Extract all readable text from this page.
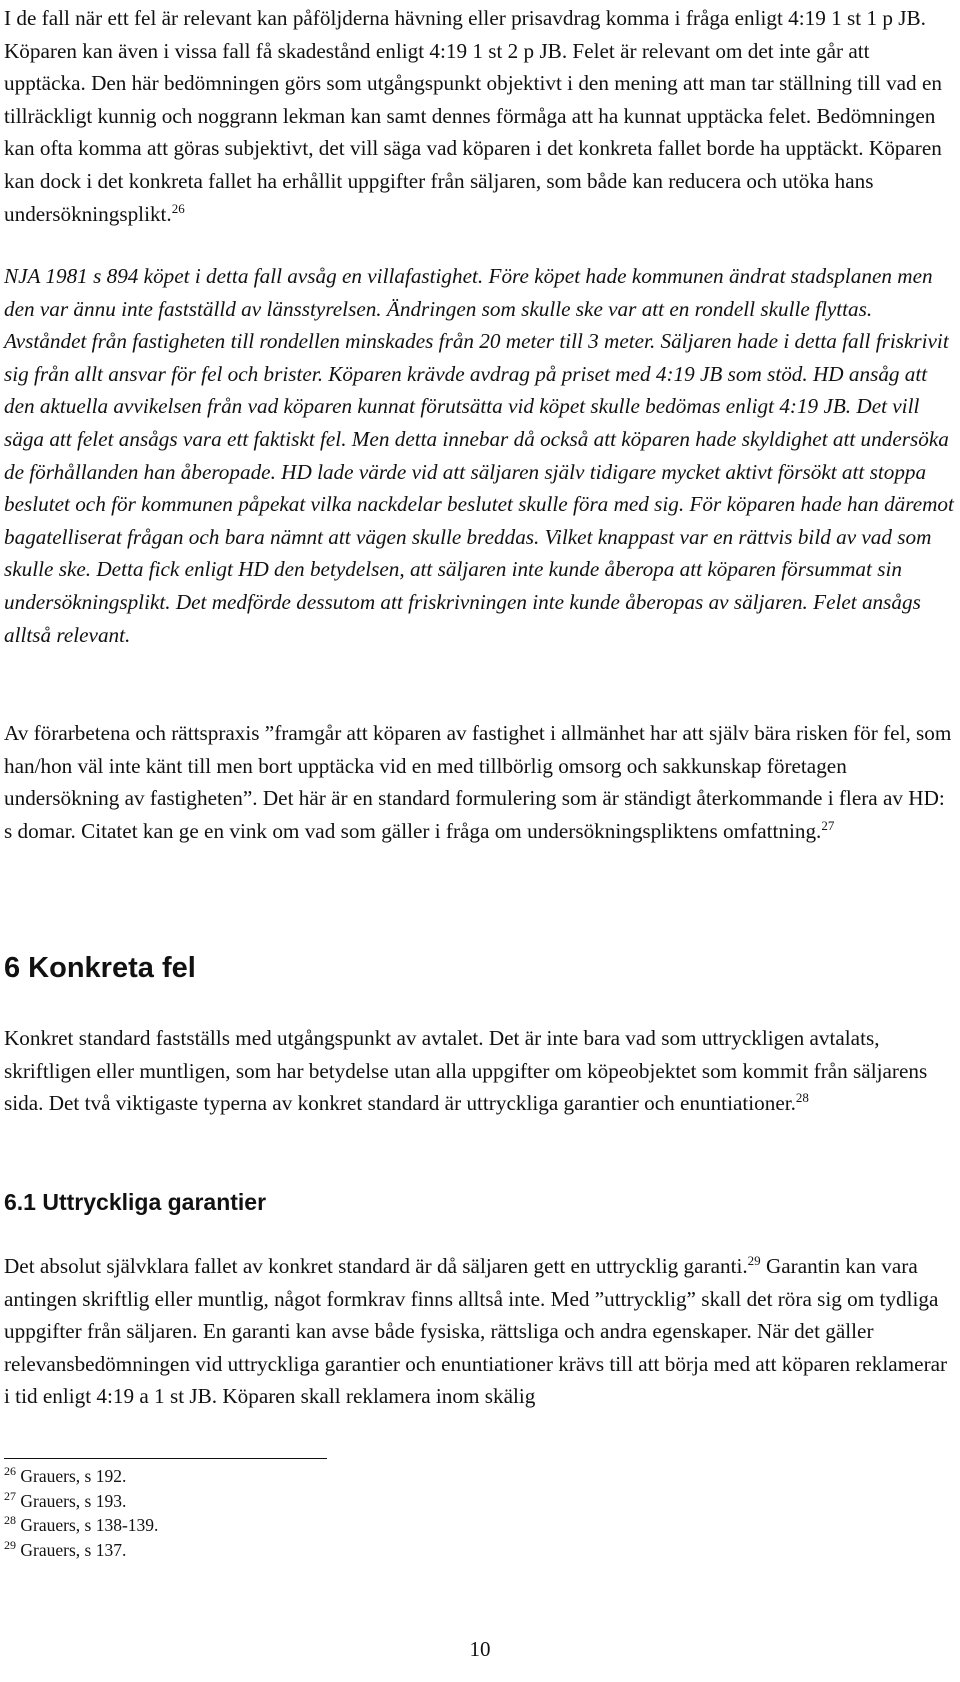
I de fall när ett fel är relevant kan påföljderna hävning eller prisavdrag komma i fråga enligt 4:19 1 st 1 p JB. Köparen kan även i vissa fall få skadestånd enligt 4:19 1 st 2 p JB. Felet är relevant om det inte går att upptäcka. Den här bedömningen görs som utgångspunkt objektivt i den mening att man tar ställning till vad en tillräckligt kunnig och noggrann lekman kan samt dennes förmåga att ha kunnat upptäcka felet. Bedömningen kan ofta komma att göras subjektivt, det vill säga vad köparen i det konkreta fallet borde ha upptäckt. Köparen kan dock i det konkreta fallet ha erhållit uppgifter från säljaren, som både kan reducera och utöka hans undersökningsplikt.$^{26}$

NJA 1981 s 894 köpet i detta fall avsåg en villafastighet. Före köpet hade kommunen ändrat stadsplanen men den var ännu inte fastställd av länsstyrelsen. Ändringen som skulle ske var att en rondell skulle flyttas. Avståndet från fastigheten till rondellen minskades från 20 meter till 3 meter. Säljaren hade i detta fall friskrivit sig från allt ansvar för fel och brister. Köparen krävde avdrag på priset med 4:19 JB som stöd. HD ansåg att den aktuella avvikelsen från vad köparen kunnat förutsätta vid köpet skulle bedömas enligt 4:19 JB. Det vill säga att felet ansågs vara ett faktiskt fel. Men detta innebar då också att köparen hade skyldighet att undersöka de förhållanden han åberopade. HD lade värde vid att säljaren själv tidigare mycket aktivt försökt att stoppa beslutet och för kommunen påpekat vilka nackdelar beslutet skulle föra med sig. För köparen hade han däremot bagatelliserat frågan och bara nämnt att vägen skulle breddas. Vilket knappast var en rättvis bild av vad som skulle ske. Detta fick enligt HD den betydelsen, att säljaren inte kunde åberopa att köparen försummat sin undersökningsplikt. Det medförde dessutom att friskrivningen inte kunde åberopas av säljaren. Felet ansågs alltså relevant.

Av förarbetena och rättspraxis ”framgår att köparen av fastighet i allmänhet har att själv bära risken för fel, som han/hon väl inte känt till men bort upptäcka vid en med tillbörlig omsorg och sakkunskap företagen undersökning av fastigheten”. Det här är en standard formulering som är ständigt återkommande i flera av HD: s domar. Citatet kan ge en vink om vad som gäller i fråga om undersökningspliktens omfattning.$^{27}$

6 Konkreta fel

Konkret standard fastställs med utgångspunkt av avtalet. Det är inte bara vad som uttryckligen avtalats, skriftligen eller muntligen, som har betydelse utan alla uppgifter om köpeobjektet som kommit från säljarens sida. Det två viktigaste typerna av konkret standard är uttryckliga garantier och enuntiationer.$^{28}$

6.1 Uttryckliga garantier

Det absolut självklara fallet av konkret standard är då säljaren gett en uttrycklig garanti.$^{29}$ Garantin kan vara antingen skriftlig eller muntlig, något formkrav finns alltså inte. Med ”uttrycklig” skall det röra sig om tydliga uppgifter från säljaren. En garanti kan avse både fysiska, rättsliga och andra egenskaper. När det gäller relevansbedömningen vid uttryckliga garantier och enuntiationer krävs till att börja med att köparen reklamerar i tid enligt 4:19 a 1 st JB. Köparen skall reklamera inom skälig

$^{26}$ Grauers, s 192.
$^{27}$ Grauers, s 193.
$^{28}$ Grauers, s 138-139.
$^{29}$ Grauers, s 137.
10
